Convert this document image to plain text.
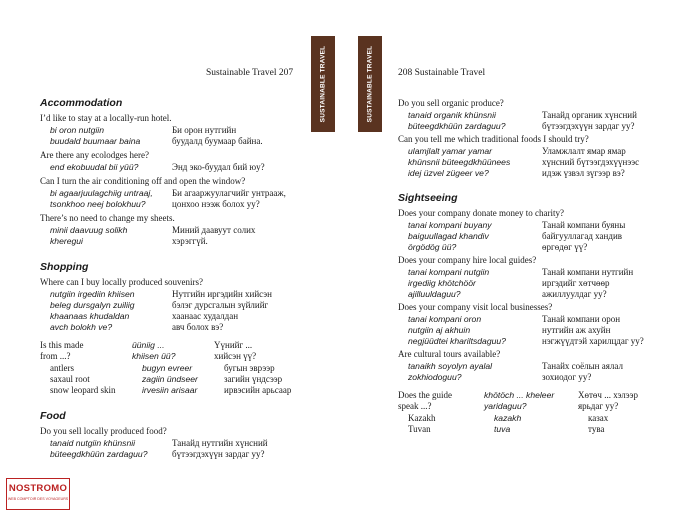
Sustainable Travel 207	SUSTAINABLE TRAVEL
Accommodation
I’d like to stay at a locally-run hotel.
bi oron nutgiin	Би орон нутгийн
buudald buumaar baina	буудалд буумаар байна.
Are there any ecolodges here?
end ekobuudal bii yüü?	Энд эко-буудал бий юу?
Can I turn the air conditioning off and open the window?
bi agaarjuulagchiig untraaj, Би агааржуулагчийг унтрааж,
tsonkhoo neej bolokhuu?	цонхоо нээж болох уу?
There’s no need to change my sheets.
minii daavuug solikh	Миний даавуут солих
kheregui	хэрэггүй.
Shopping
Where can I buy locally produced souvenirs?
nutgiin irgediin khiisen	Нутгийн иргэдийн хийсэн
beleg dursgalyn zuiliig	бэлэг дурсгалын зүйлийг
khaanaas khudaldan	хаанаас худалдан
avch bolokh ve?	авч болох вэ?
Is this made	üüniig ...	Үүнийг ...
from ...?	khiisen üü?	хийсэн үү?
antlers	bugyn evreer	бугын эврээр
saxaul root	zagiin ündseer	загийн үндсээр
snow leopard skin	irvesiin arisaar	ирвэсийн арьсаар
Food
Do you sell locally produced food?
tanaid nutgiin khünsnii	Танайд нутгийн хүнсний
büteegdkhüün zardaguu?	бүтээгдэхүүн зардаг уу?
SUSTAINABLE TRAVEL	208 Sustainable Travel
Do you sell organic produce?
tanaid organik khünsnii	Танайд органик хүнсний
büteegdkhüün zardaguu?	бүтээгдэхүүн зардаг уу?
Can you tell me which traditional foods I should try?
ulamjlalt yamar yamar	Уламжлалт ямар ямар
khünsnii büteegdkhüünees	хүнсний бүтээгдэхүүнээс
idej üzvel zügeer ve?	идэж үзвэл зүгээр вэ?
Sightseeing
Does your company donate money to charity?
tanai kompani buyany	Танай компани буяны
baiguullagad khandiv	байгууллагад хандив
örgödög üü?	өргөдөг үү?
Does your company hire local guides?
tanai kompani nutgiin	Танай компани нутгийн
irgediig khötchöör	иргэдийг хөтчөөр
ajilluuldaguu?	ажиллуулдаг уу?
Does your company visit local businesses?
tanai kompani oron	Танай компани орон
nutgiin aj akhuin	нутгийн аж ахуйн
negjüüdtei khariltsdaguu?	нэгжүүдтэй харилцдаг уу?
Are cultural tours available?
tanaikh soyolyn ayalal	Танайх соёлын аялал
zokhiodoguu?	зохиодог уу?
Does the guide	khötöch ... kheleer	Хөтөч ... хэлээр
speak ...?	yaridaguu?	ярьдаг уу?
Kazakh	kazakh	казах
Tuvan	tuva	тува
NOSTROMO
WEB COMPTOIR DES VOYAGEURS
